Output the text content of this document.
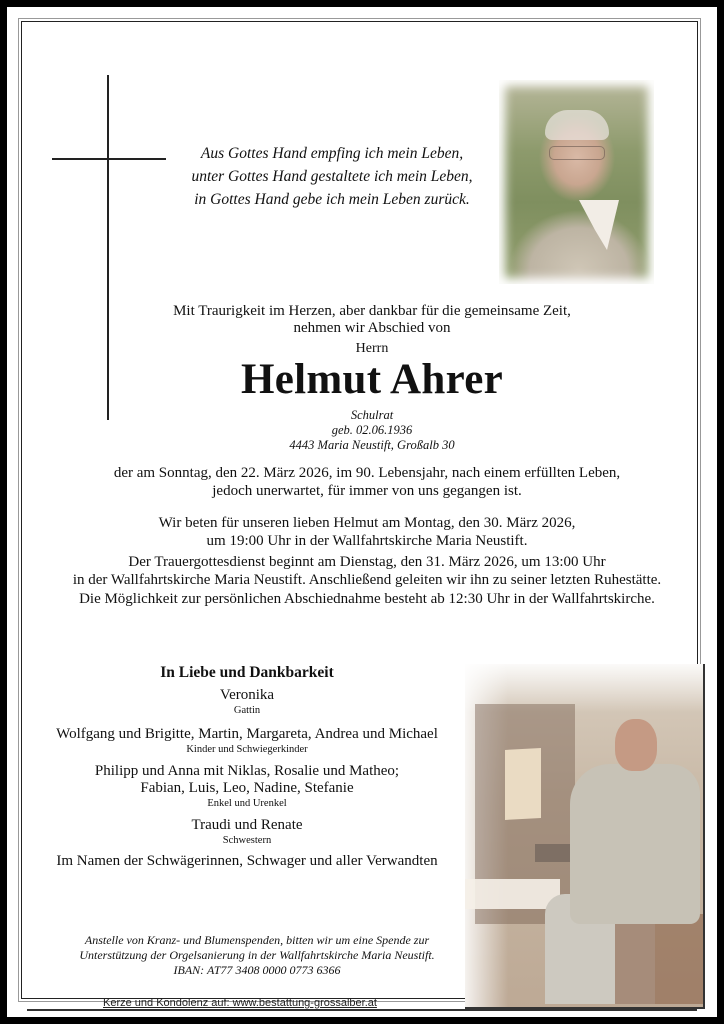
Aus Gottes Hand empfing ich mein Leben,
unter Gottes Hand gestaltete ich mein Leben,
in Gottes Hand gebe ich mein Leben zurück.
Mit Traurigkeit im Herzen, aber dankbar für die gemeinsame Zeit,
nehmen wir Abschied von
Herrn
Helmut Ahrer
Schulrat
geb. 02.06.1936
4443 Maria Neustift, Großalb 30
der am Sonntag, den 22. März 2026, im 90. Lebensjahr, nach einem erfüllten Leben,
jedoch unerwartet, für immer von uns gegangen ist.
Wir beten für unseren lieben Helmut am Montag, den 30. März 2026,
um 19:00 Uhr in der Wallfahrtskirche Maria Neustift.
Der Trauergottesdienst beginnt am Dienstag, den 31. März 2026, um 13:00 Uhr
in der Wallfahrtskirche Maria Neustift. Anschließend geleiten wir ihn zu seiner letzten Ruhestätte.
Die Möglichkeit zur persönlichen Abschiednahme besteht ab 12:30 Uhr in der Wallfahrtskirche.
In Liebe und Dankbarkeit
Veronika
Gattin
Wolfgang und Brigitte, Martin, Margareta, Andrea und Michael
Kinder und Schwiegerkinder
Philipp und Anna mit Niklas, Rosalie und Matheo;
Fabian, Luis, Leo, Nadine, Stefanie
Enkel und Urenkel
Traudi und Renate
Schwestern
Im Namen der Schwägerinnen, Schwager und aller Verwandten
Anstelle von Kranz- und Blumenspenden, bitten wir um eine Spende zur
Unterstützung der Orgelsanierung in der Wallfahrtskirche Maria Neustift.
IBAN: AT77 3408 0000 0773 6366
Kerze und Kondolenz auf: www.bestattung-grossalber.at
